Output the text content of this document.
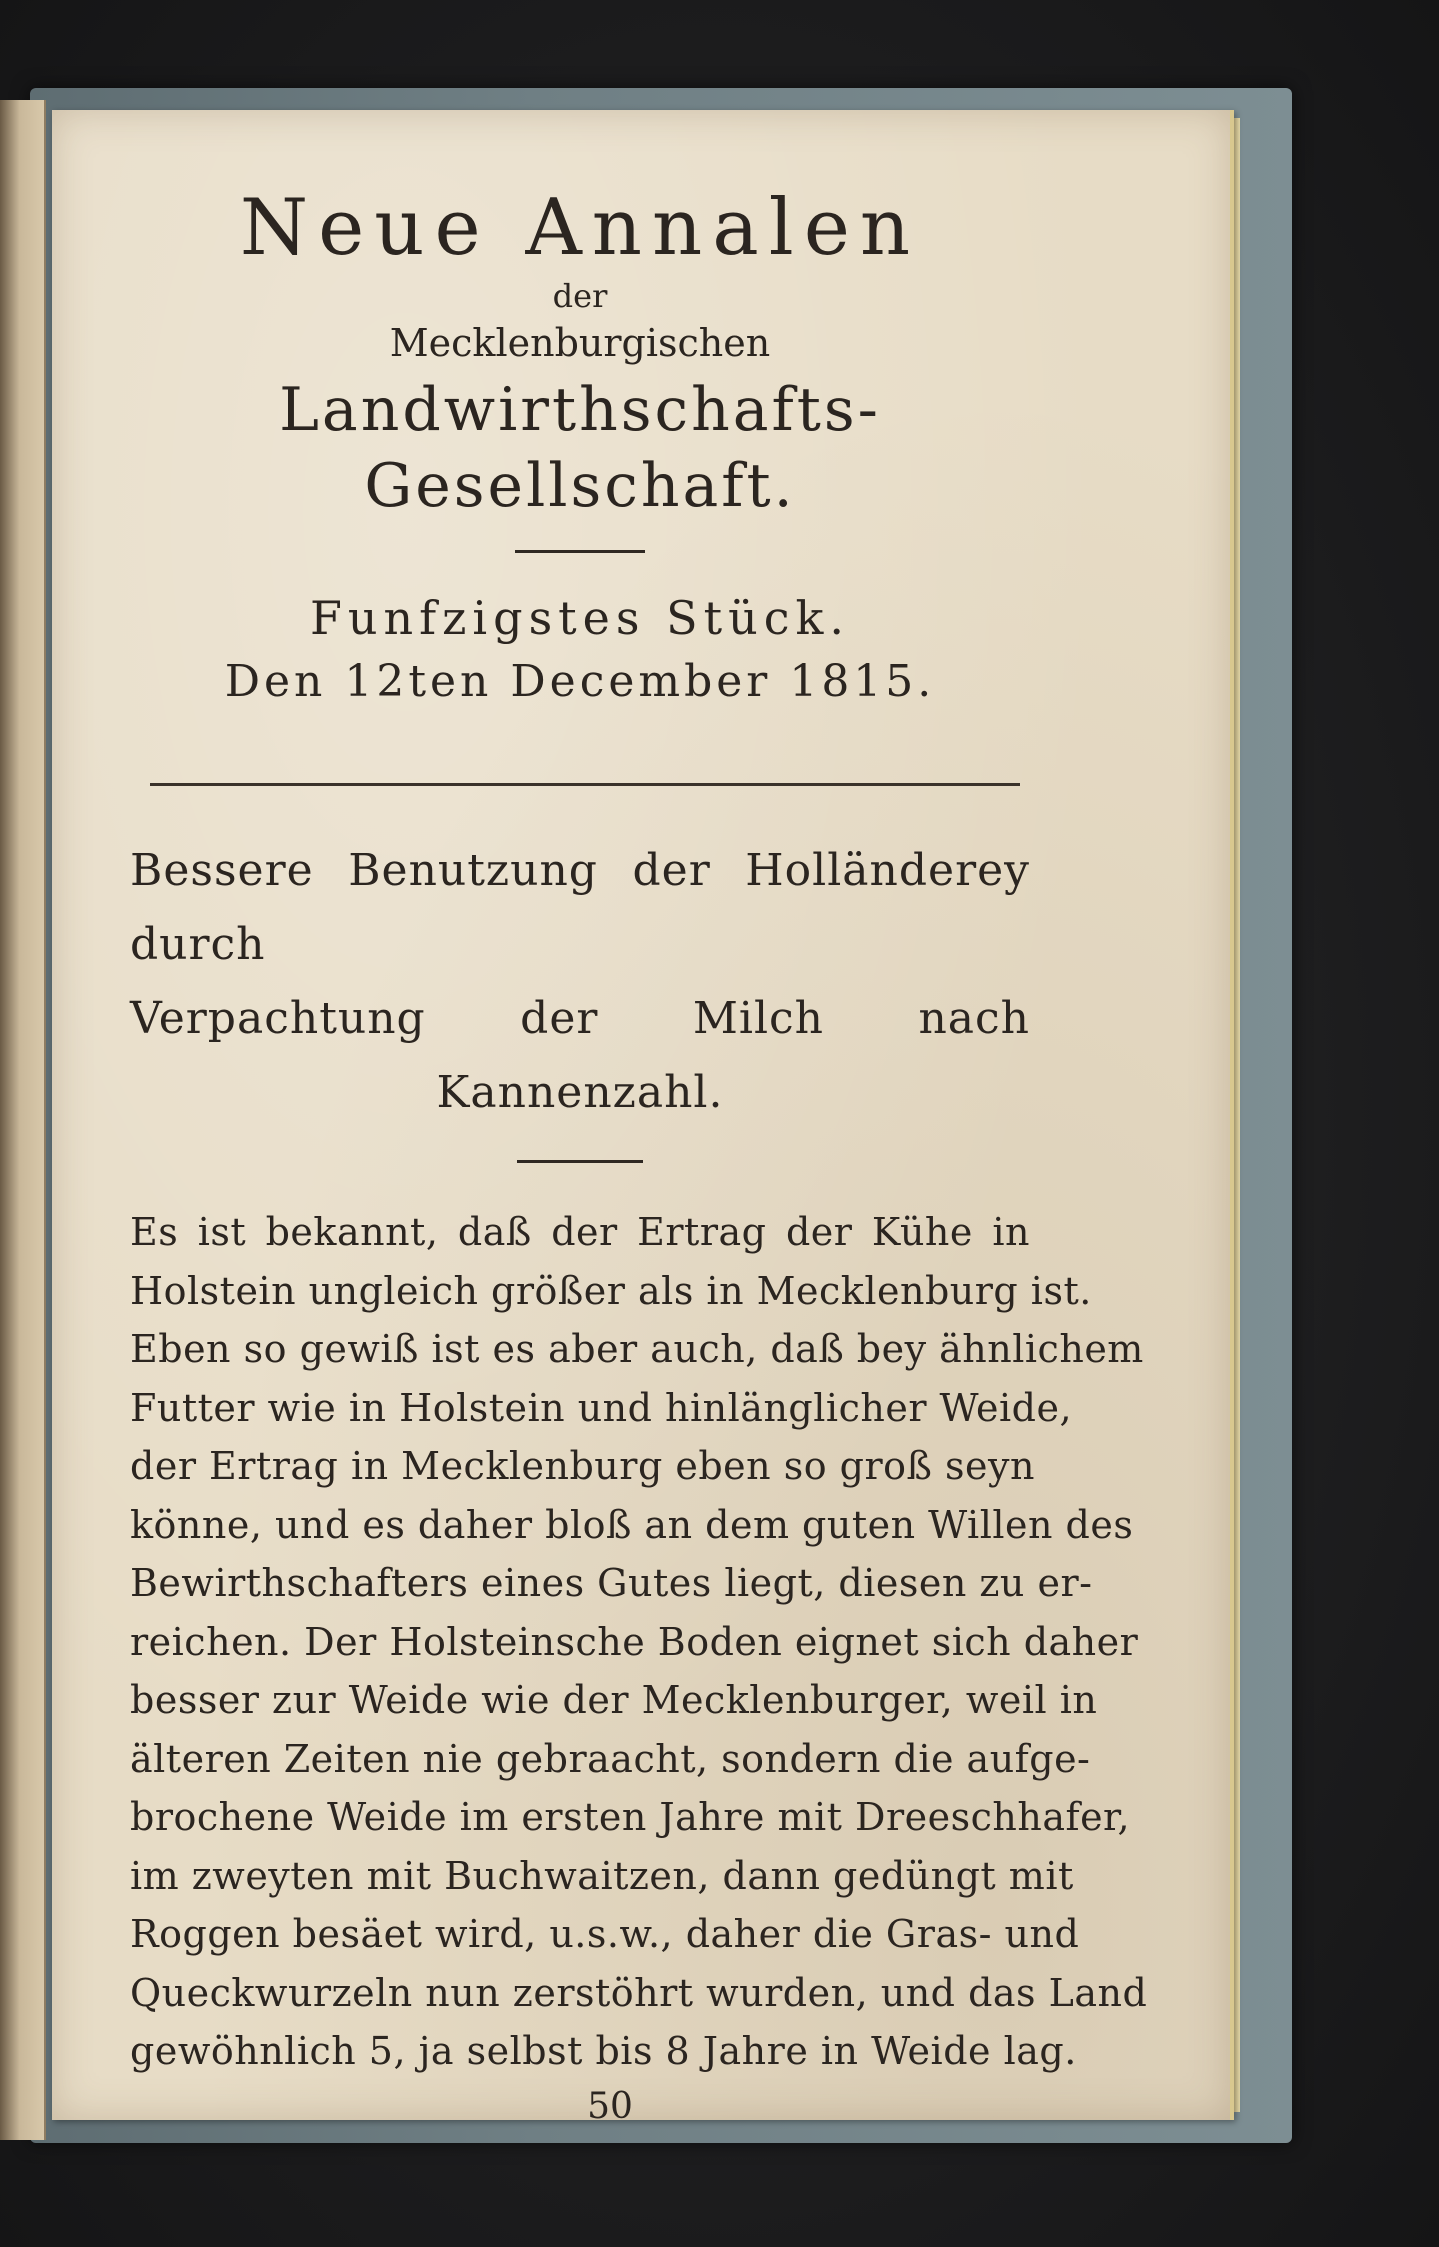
Neue Annalen

der

Mecklenburgischen

Landwirthschafts-Gesellschaft.

Funfzigstes Stück.

Den 12ten December 1815.

Bessere Benutzung der Holländerey durch
Verpachtung der Milch nach Kannenzahl.
Es ist bekannt, daß der Ertrag der Kühe in
Holstein ungleich größer als in Mecklenburg ist.
Eben so gewiß ist es aber auch, daß bey ähnlichem
Futter wie in Holstein und hinlänglicher Weide,
der Ertrag in Mecklenburg eben so groß seyn
könne, und es daher bloß an dem guten Willen des
Bewirthschafters eines Gutes liegt, diesen zu er-
reichen. Der Holsteinsche Boden eignet sich daher
besser zur Weide wie der Mecklenburger, weil in
älteren Zeiten nie gebraacht, sondern die aufge-
brochene Weide im ersten Jahre mit Dreeschhafer,
im zweyten mit Buchwaitzen, dann gedüngt mit
Roggen besäet wird, u.s.w., daher die Gras- und
Queckwurzeln nun zerstöhrt wurden, und das Land
gewöhnlich 5, ja selbst bis 8 Jahre in Weide lag.

50
